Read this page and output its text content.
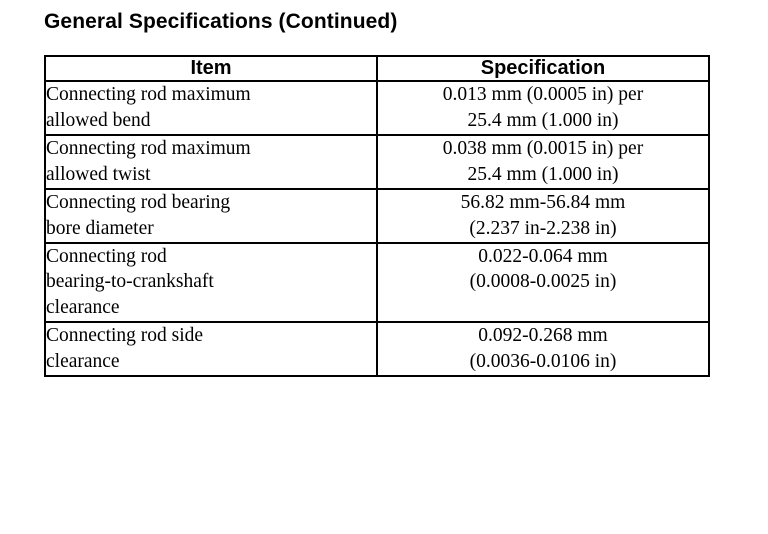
General Specifications (Continued)
Item	Specification

Connecting rod maximum
allowed bend	0.013 mm (0.0005 in) per
25.4 mm (1.000 in)

Connecting rod maximum
allowed twist	0.038 mm (0.0015 in) per
25.4 mm (1.000 in)

Connecting rod bearing
bore diameter	56.82 mm-56.84 mm
(2.237 in-2.238 in)

Connecting rod
bearing-to-crankshaft
clearance	0.022-0.064 mm
(0.0008-0.0025 in)

Connecting rod side
clearance	0.092-0.268 mm
(0.0036-0.0106 in)
